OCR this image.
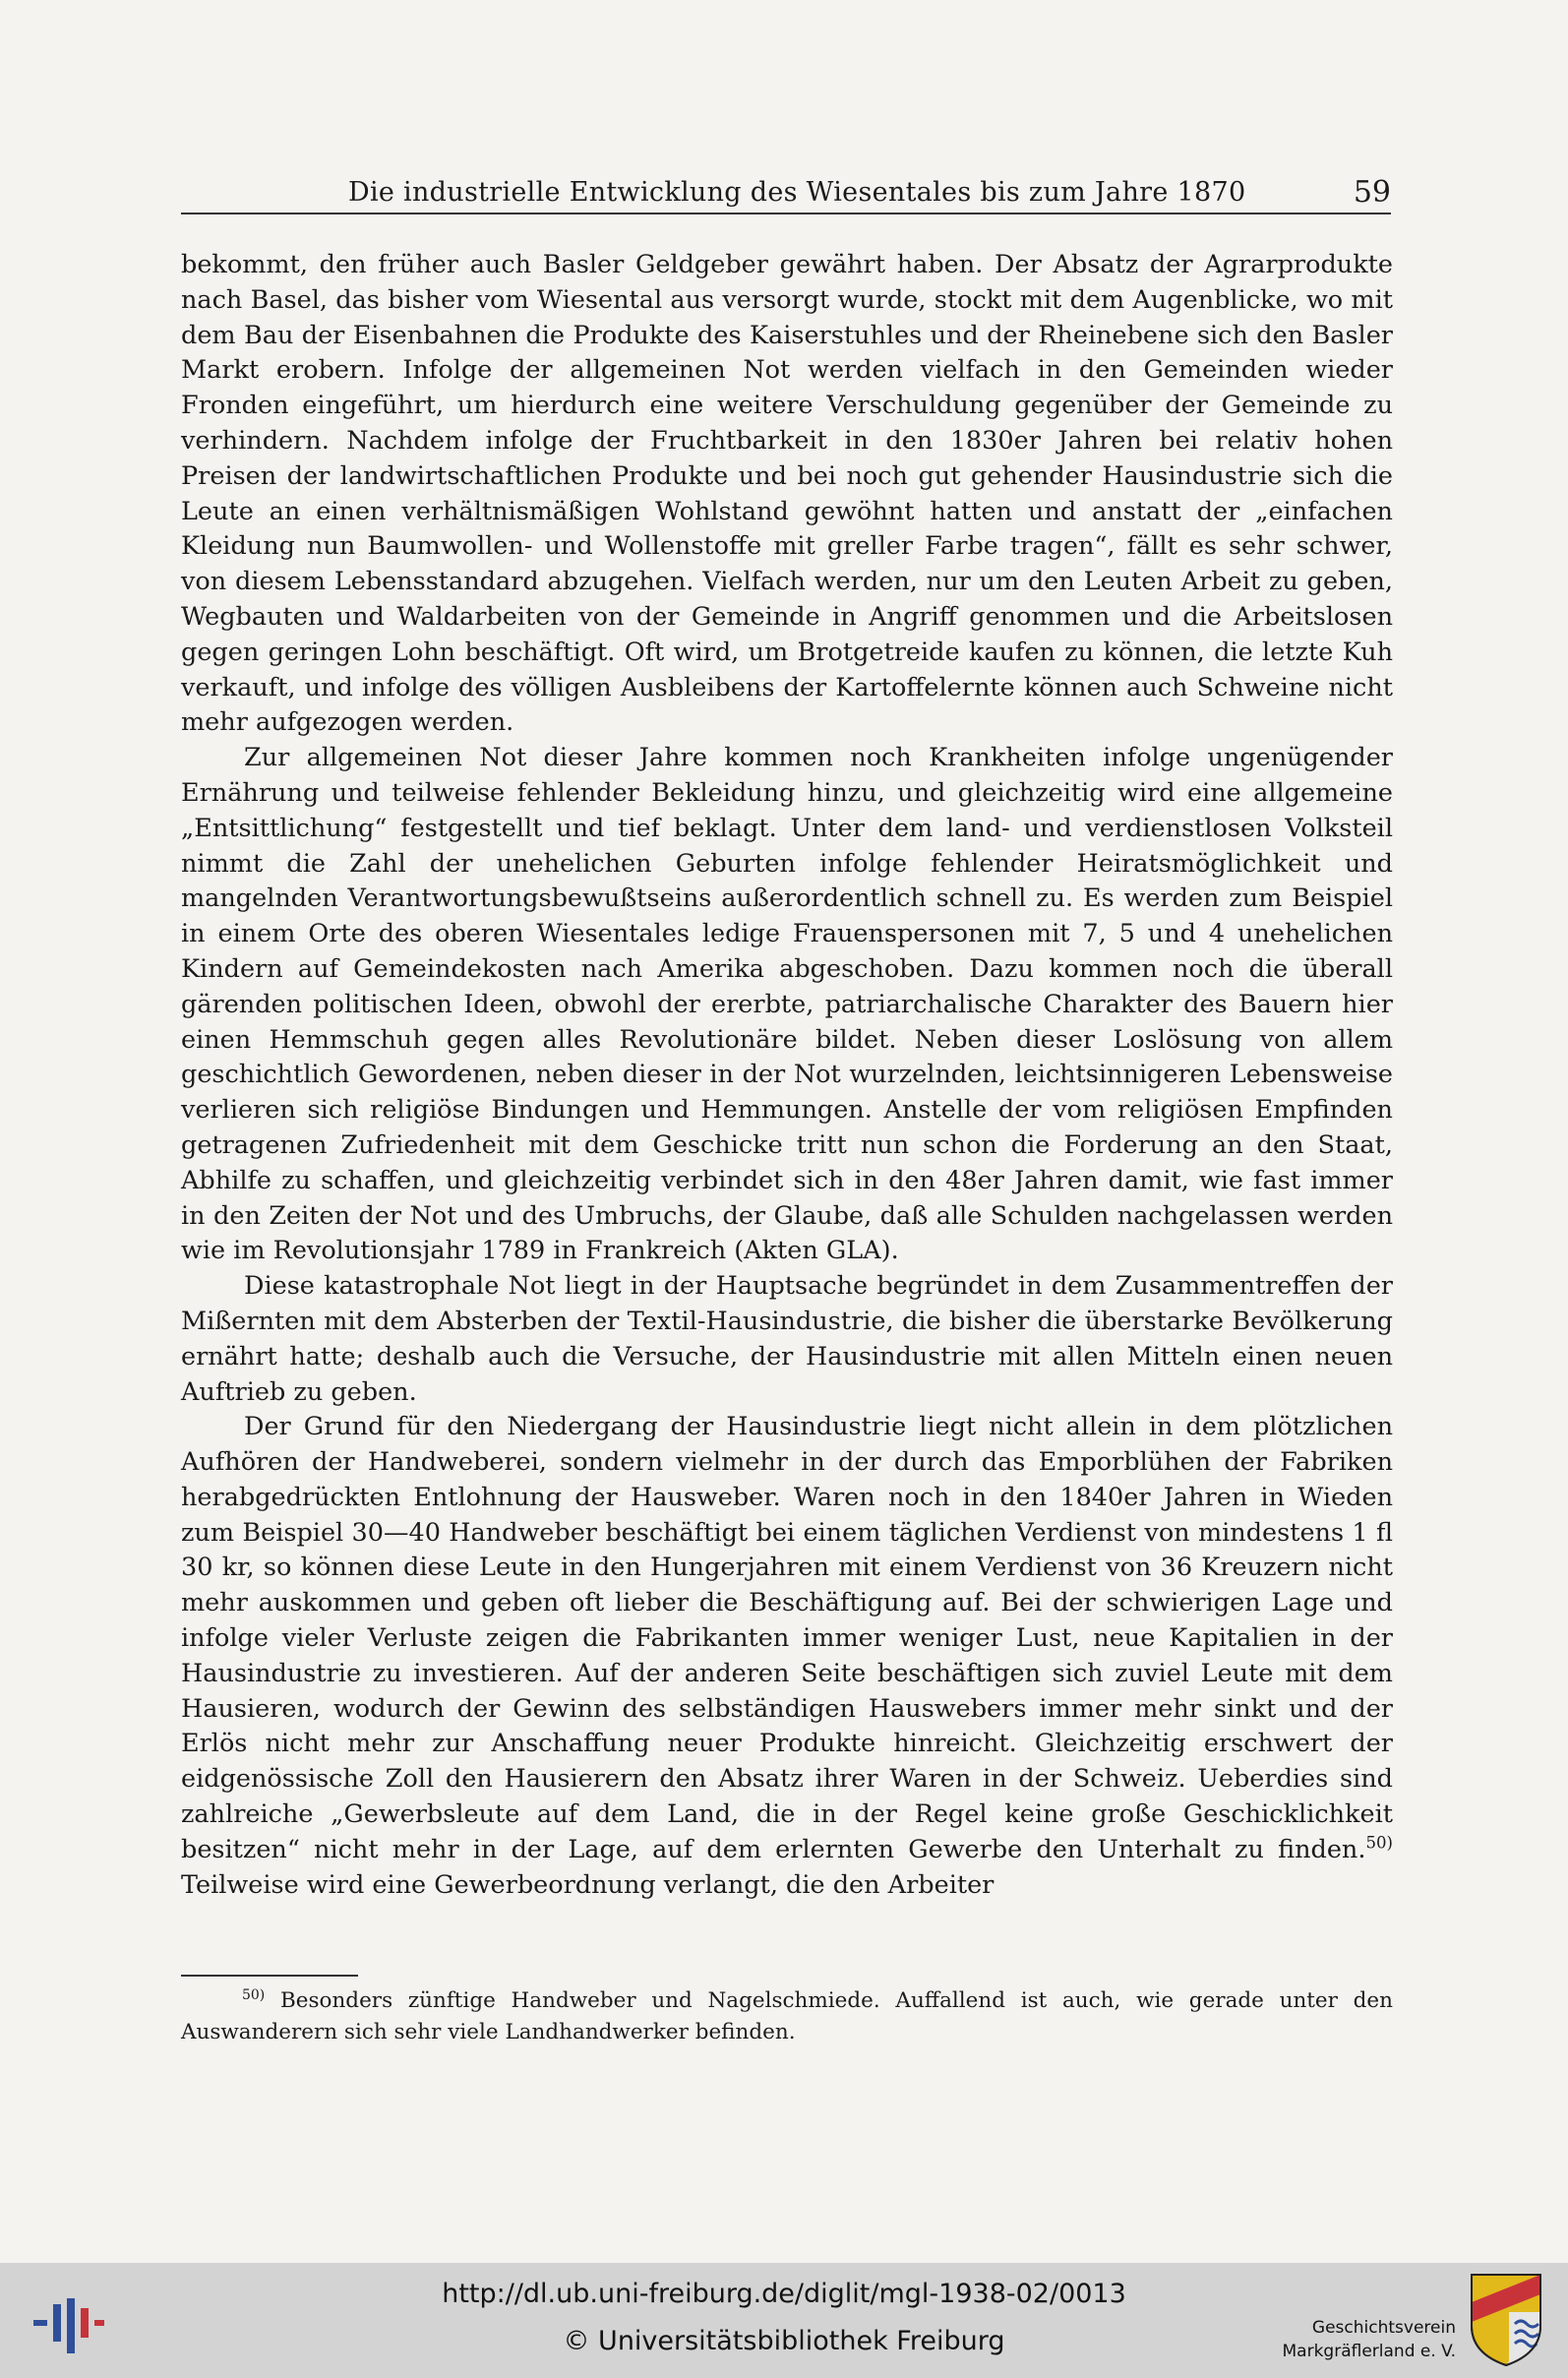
Die industrielle Entwicklung des Wiesentales bis zum Jahre 1870	59

bekommt, den früher auch Basler Geldgeber gewährt haben. Der Absatz der Agrarprodukte nach Basel, das bisher vom Wiesental aus versorgt wurde, stockt mit dem Augenblicke, wo mit dem Bau der Eisenbahnen die Produkte des Kaiserstuhles und der Rheinebene sich den Basler Markt erobern. Infolge der allgemeinen Not werden vielfach in den Gemeinden wieder Fronden eingeführt, um hierdurch eine weitere Verschuldung gegenüber der Gemeinde zu verhindern. Nachdem infolge der Fruchtbarkeit in den 1830er Jahren bei relativ hohen Preisen der landwirtschaftlichen Produkte und bei noch gut gehender Hausindustrie sich die Leute an einen verhältnismäßigen Wohlstand gewöhnt hatten und anstatt der „einfachen Kleidung nun Baumwollen- und Wollenstoffe mit greller Farbe tragen“, fällt es sehr schwer, von diesem Lebensstandard abzugehen. Vielfach werden, nur um den Leuten Arbeit zu geben, Wegbauten und Waldarbeiten von der Gemeinde in Angriff genommen und die Arbeitslosen gegen geringen Lohn beschäftigt. Oft wird, um Brotgetreide kaufen zu können, die letzte Kuh verkauft, und infolge des völligen Ausbleibens der Kartoffelernte können auch Schweine nicht mehr aufgezogen werden.

Zur allgemeinen Not dieser Jahre kommen noch Krankheiten infolge ungenügender Ernährung und teilweise fehlender Bekleidung hinzu, und gleichzeitig wird eine allgemeine „Entsittlichung“ festgestellt und tief beklagt. Unter dem land- und verdienstlosen Volksteil nimmt die Zahl der unehelichen Geburten infolge fehlender Heiratsmöglichkeit und mangelnden Verantwortungsbewußtseins außerordentlich schnell zu. Es werden zum Beispiel in einem Orte des oberen Wiesentales ledige Frauenspersonen mit 7, 5 und 4 unehelichen Kindern auf Gemeindekosten nach Amerika abgeschoben. Dazu kommen noch die überall gärenden politischen Ideen, obwohl der ererbte, patriarchalische Charakter des Bauern hier einen Hemmschuh gegen alles Revolutionäre bildet. Neben dieser Loslösung von allem geschichtlich Gewordenen, neben dieser in der Not wurzelnden, leichtsinnigeren Lebensweise verlieren sich religiöse Bindungen und Hemmungen. Anstelle der vom religiösen Empfinden getragenen Zufriedenheit mit dem Geschicke tritt nun schon die Forderung an den Staat, Abhilfe zu schaffen, und gleichzeitig verbindet sich in den 48er Jahren damit, wie fast immer in den Zeiten der Not und des Umbruchs, der Glaube, daß alle Schulden nachgelassen werden wie im Revolutionsjahr 1789 in Frankreich (Akten GLA).

Diese katastrophale Not liegt in der Hauptsache begründet in dem Zusammentreffen der Mißernten mit dem Absterben der Textil-Hausindustrie, die bisher die überstarke Bevölkerung ernährt hatte; deshalb auch die Versuche, der Hausindustrie mit allen Mitteln einen neuen Auftrieb zu geben.

Der Grund für den Niedergang der Hausindustrie liegt nicht allein in dem plötzlichen Aufhören der Handweberei, sondern vielmehr in der durch das Emporblühen der Fabriken herabgedrückten Entlohnung der Hausweber. Waren noch in den 1840er Jahren in Wieden zum Beispiel 30—40 Handweber beschäftigt bei einem täglichen Verdienst von mindestens 1 fl 30 kr, so können diese Leute in den Hungerjahren mit einem Verdienst von 36 Kreuzern nicht mehr auskommen und geben oft lieber die Beschäftigung auf. Bei der schwierigen Lage und infolge vieler Verluste zeigen die Fabrikanten immer weniger Lust, neue Kapitalien in der Hausindustrie zu investieren. Auf der anderen Seite beschäftigen sich zuviel Leute mit dem Hausieren, wodurch der Gewinn des selbständigen Hauswebers immer mehr sinkt und der Erlös nicht mehr zur Anschaffung neuer Produkte hinreicht. Gleichzeitig erschwert der eidgenössische Zoll den Hausierern den Absatz ihrer Waren in der Schweiz. Ueberdies sind zahlreiche „Gewerbsleute auf dem Land, die in der Regel keine große Geschicklichkeit besitzen“ nicht mehr in der Lage, auf dem erlernten Gewerbe den Unterhalt zu finden.$^{50)}$ Teilweise wird eine Gewerbeordnung verlangt, die den Arbeiter

$^{50)}$ Besonders zünftige Handweber und Nagelschmiede. Auffallend ist auch, wie gerade unter den Auswanderern sich sehr viele Landhandwerker befinden.
http://dl.ub.uni-freiburg.de/diglit/mgl-1938-02/0013
© Universitätsbibliothek Freiburg	Geschichtsverein
Markgräflerland e. V.
